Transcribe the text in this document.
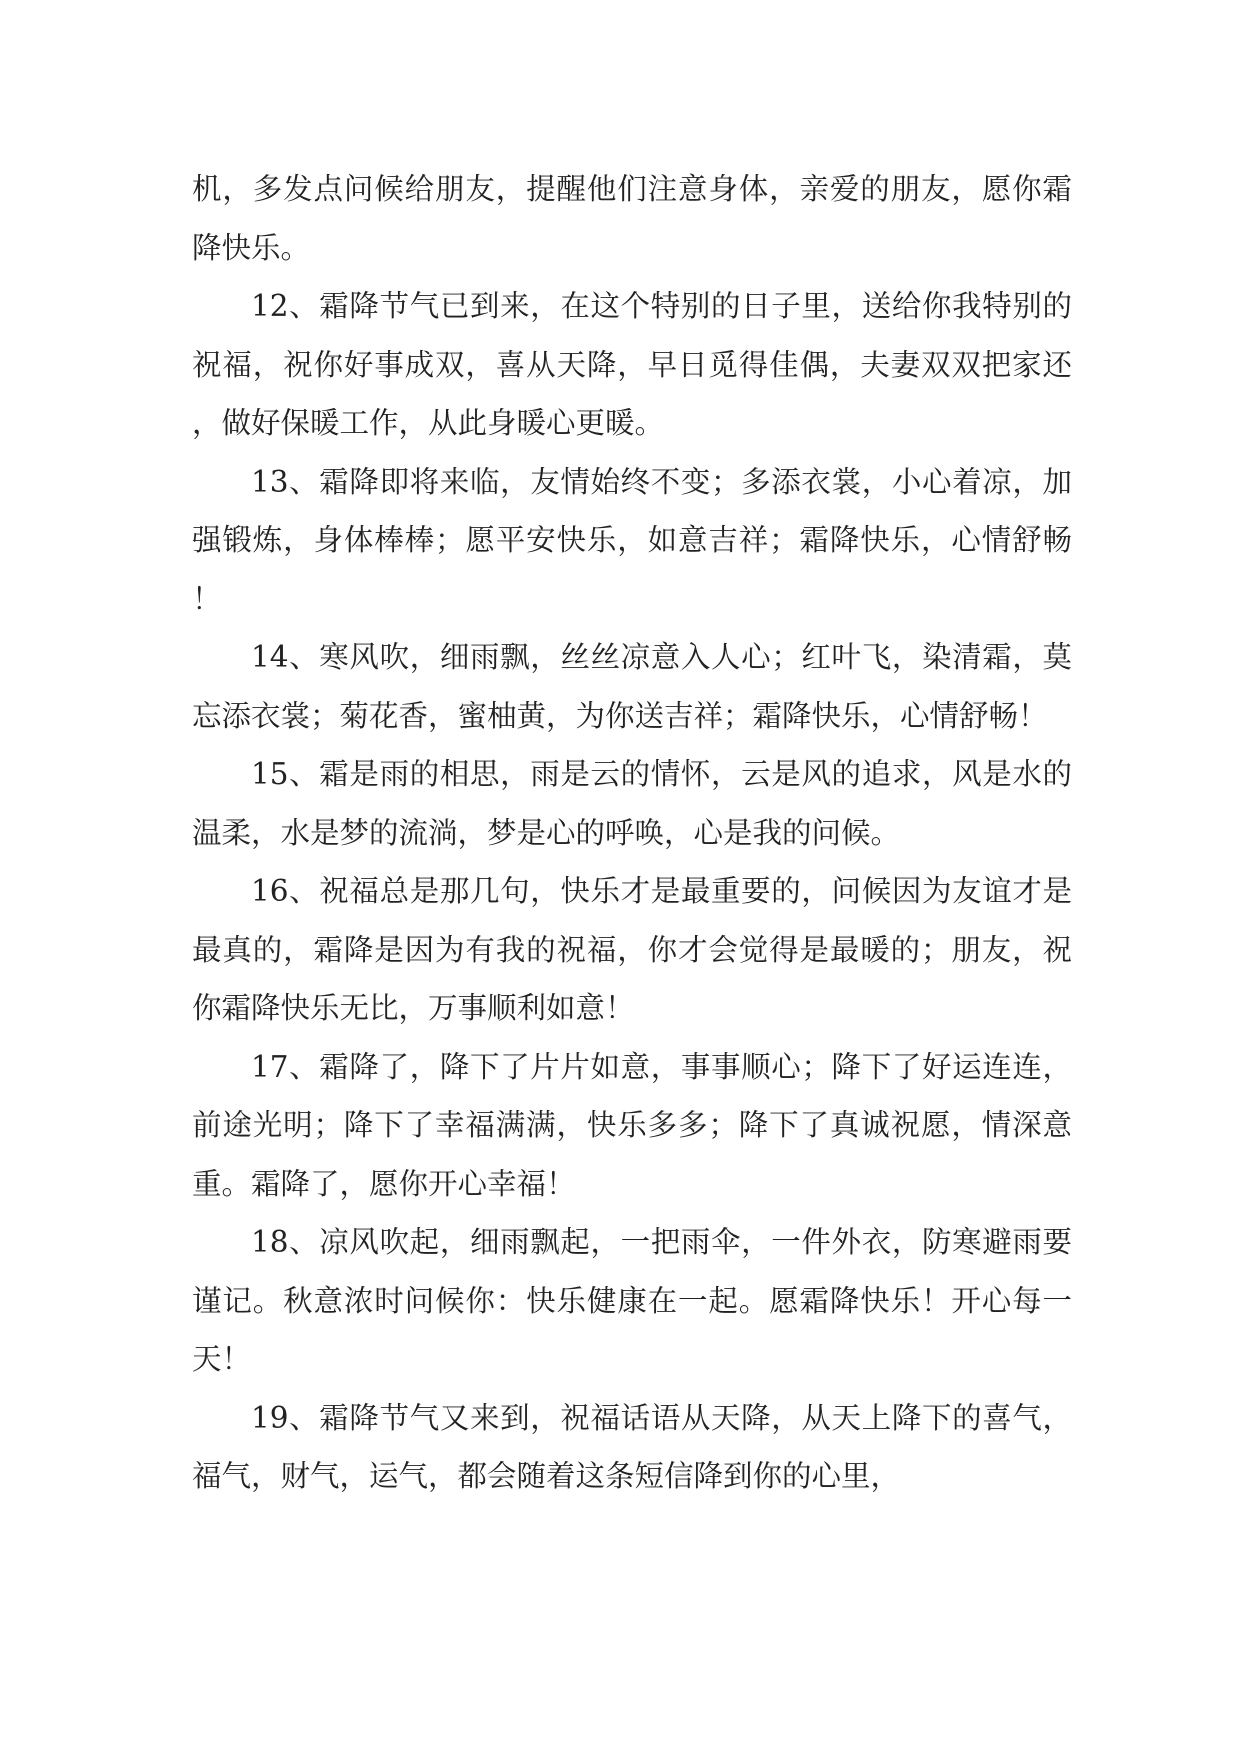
机，多发点问候给朋友，提醒他们注意身体，亲爱的朋友，愿你霜降快乐。

12、霜降节气已到来，在这个特别的日子里，送给你我特别的祝福，祝你好事成双，喜从天降，早日觅得佳偶，夫妻双双把家还，做好保暖工作，从此身暖心更暖。

13、霜降即将来临，友情始终不变；多添衣裳，小心着凉，加强锻炼，身体棒棒；愿平安快乐，如意吉祥；霜降快乐，心情舒畅！

14、寒风吹，细雨飘，丝丝凉意入人心；红叶飞，染清霜，莫忘添衣裳；菊花香，蜜柚黄，为你送吉祥；霜降快乐，心情舒畅！

15、霜是雨的相思，雨是云的情怀，云是风的追求，风是水的温柔，水是梦的流淌，梦是心的呼唤，心是我的问候。

16、祝福总是那几句，快乐才是最重要的，问候因为友谊才是最真的，霜降是因为有我的祝福，你才会觉得是最暖的；朋友，祝你霜降快乐无比，万事顺利如意！

17、霜降了，降下了片片如意，事事顺心；降下了好运连连，前途光明；降下了幸福满满，快乐多多；降下了真诚祝愿，情深意重。霜降了，愿你开心幸福！

18、凉风吹起，细雨飘起，一把雨伞，一件外衣，防寒避雨要谨记。秋意浓时问候你：快乐健康在一起。愿霜降快乐！开心每一天！

19、霜降节气又来到，祝福话语从天降，从天上降下的喜气，福气，财气，运气，都会随着这条短信降到你的心里，
